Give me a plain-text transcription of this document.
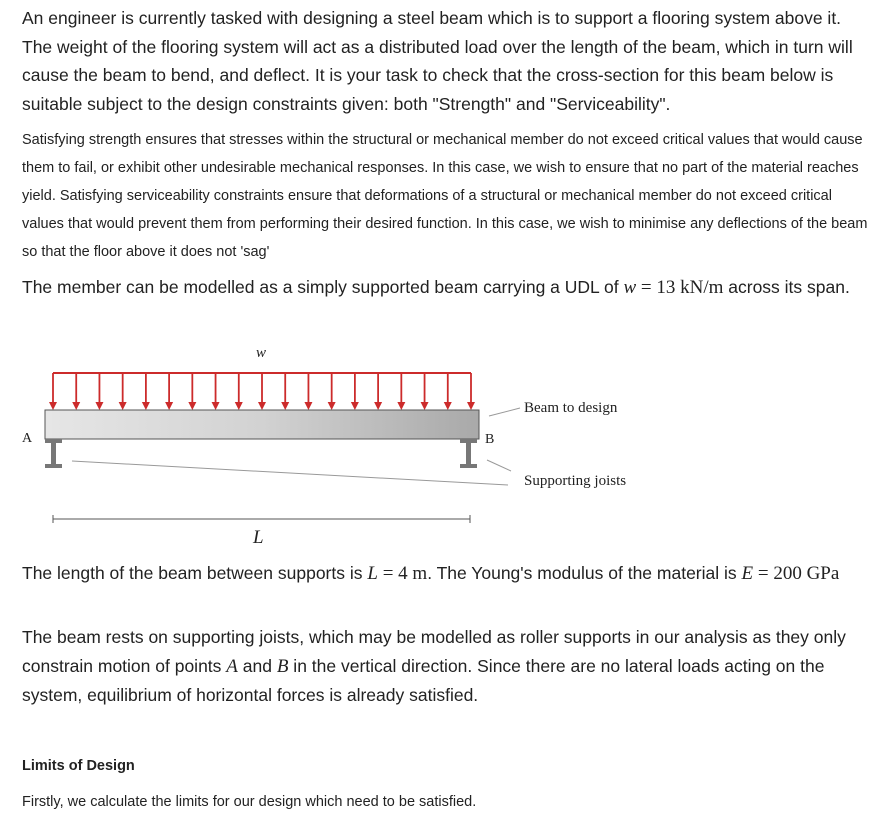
An engineer is currently tasked with designing a steel beam which is to support a flooring system above it. The weight of the flooring system will act as a distributed load over the length of the beam, which in turn will cause the beam to bend, and deflect. It is your task to check that the cross-section for this beam below is suitable subject to the design constraints given: both "Strength" and "Serviceability".

Satisfying strength ensures that stresses within the structural or mechanical member do not exceed critical values that would cause them to fail, or exhibit other undesirable mechanical responses. In this case, we wish to ensure that no part of the material reaches yield. Satisfying serviceability constraints ensure that deformations of a structural or mechanical member do not exceed critical values that would prevent them from performing their desired function. In this case, we wish to minimise any deflections of the beam so that the floor above it does not 'sag'

The member can be modelled as a simply supported beam carrying a UDL of w = 13 kN/m across its span.

w
A	B
Beam to design
Supporting joists
L

The length of the beam between supports is L = 4 m. The Young's modulus of the material is E = 200 GPa

The beam rests on supporting joists, which may be modelled as roller supports in our analysis as they only constrain motion of points A and B in the vertical direction. Since there are no lateral loads acting on the system, equilibrium of horizontal forces is already satisfied.

Limits of Design
Firstly, we calculate the limits for our design which need to be satisfied.
